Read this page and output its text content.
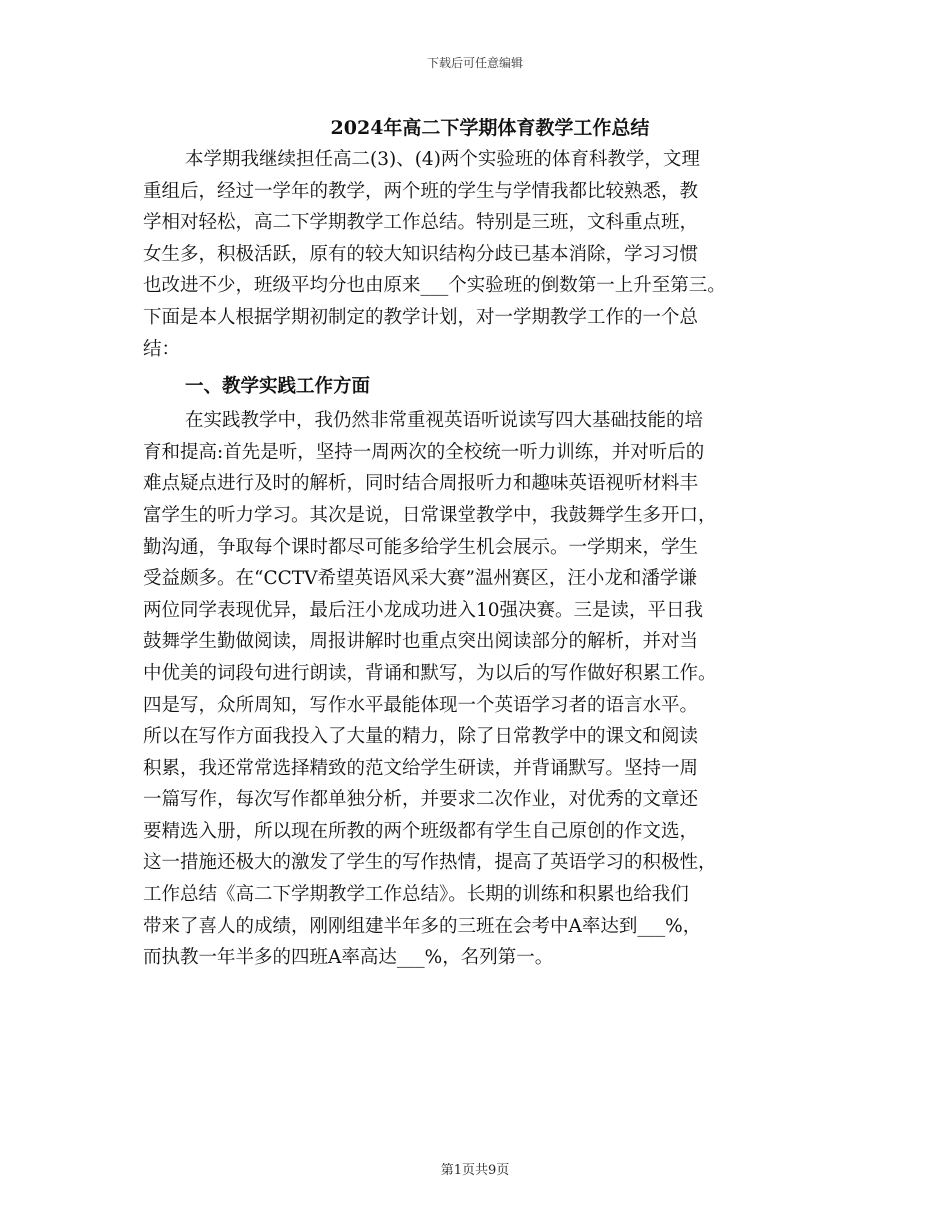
下载后可任意编辑
2024年高二下学期体育教学工作总结
本学期我继续担任高二(3)、(4)两个实验班的体育科教学，文理
重组后，经过一学年的教学，两个班的学生与学情我都比较熟悉，教
学相对轻松，高二下学期教学工作总结。特别是三班，文科重点班，
女生多，积极活跃，原有的较大知识结构分歧已基本消除，学习习惯
也改进不少，班级平均分也由原来___个实验班的倒数第一上升至第三。
下面是本人根据学期初制定的教学计划，对一学期教学工作的一个总
结：
一、教学实践工作方面
在实践教学中，我仍然非常重视英语听说读写四大基础技能的培
育和提高:首先是听，坚持一周两次的全校统一听力训练，并对听后的
难点疑点进行及时的解析，同时结合周报听力和趣味英语视听材料丰
富学生的听力学习。其次是说，日常课堂教学中，我鼓舞学生多开口，
勤沟通，争取每个课时都尽可能多给学生机会展示。一学期来，学生
受益颇多。在“CCTV希望英语风采大赛”温州赛区，汪小龙和潘学谦
两位同学表现优异，最后汪小龙成功进入10强决赛。三是读，平日我
鼓舞学生勤做阅读，周报讲解时也重点突出阅读部分的解析，并对当
中优美的词段句进行朗读，背诵和默写，为以后的写作做好积累工作。
四是写，众所周知，写作水平最能体现一个英语学习者的语言水平。
所以在写作方面我投入了大量的精力，除了日常教学中的课文和阅读
积累，我还常常选择精致的范文给学生研读，并背诵默写。坚持一周
一篇写作，每次写作都单独分析，并要求二次作业，对优秀的文章还
要精选入册，所以现在所教的两个班级都有学生自己原创的作文选，
这一措施还极大的激发了学生的写作热情，提高了英语学习的积极性，
工作总结《高二下学期教学工作总结》。长期的训练和积累也给我们
带来了喜人的成绩，刚刚组建半年多的三班在会考中A率达到___%，
而执教一年半多的四班A率高达___%，名列第一。
第1页共9页
